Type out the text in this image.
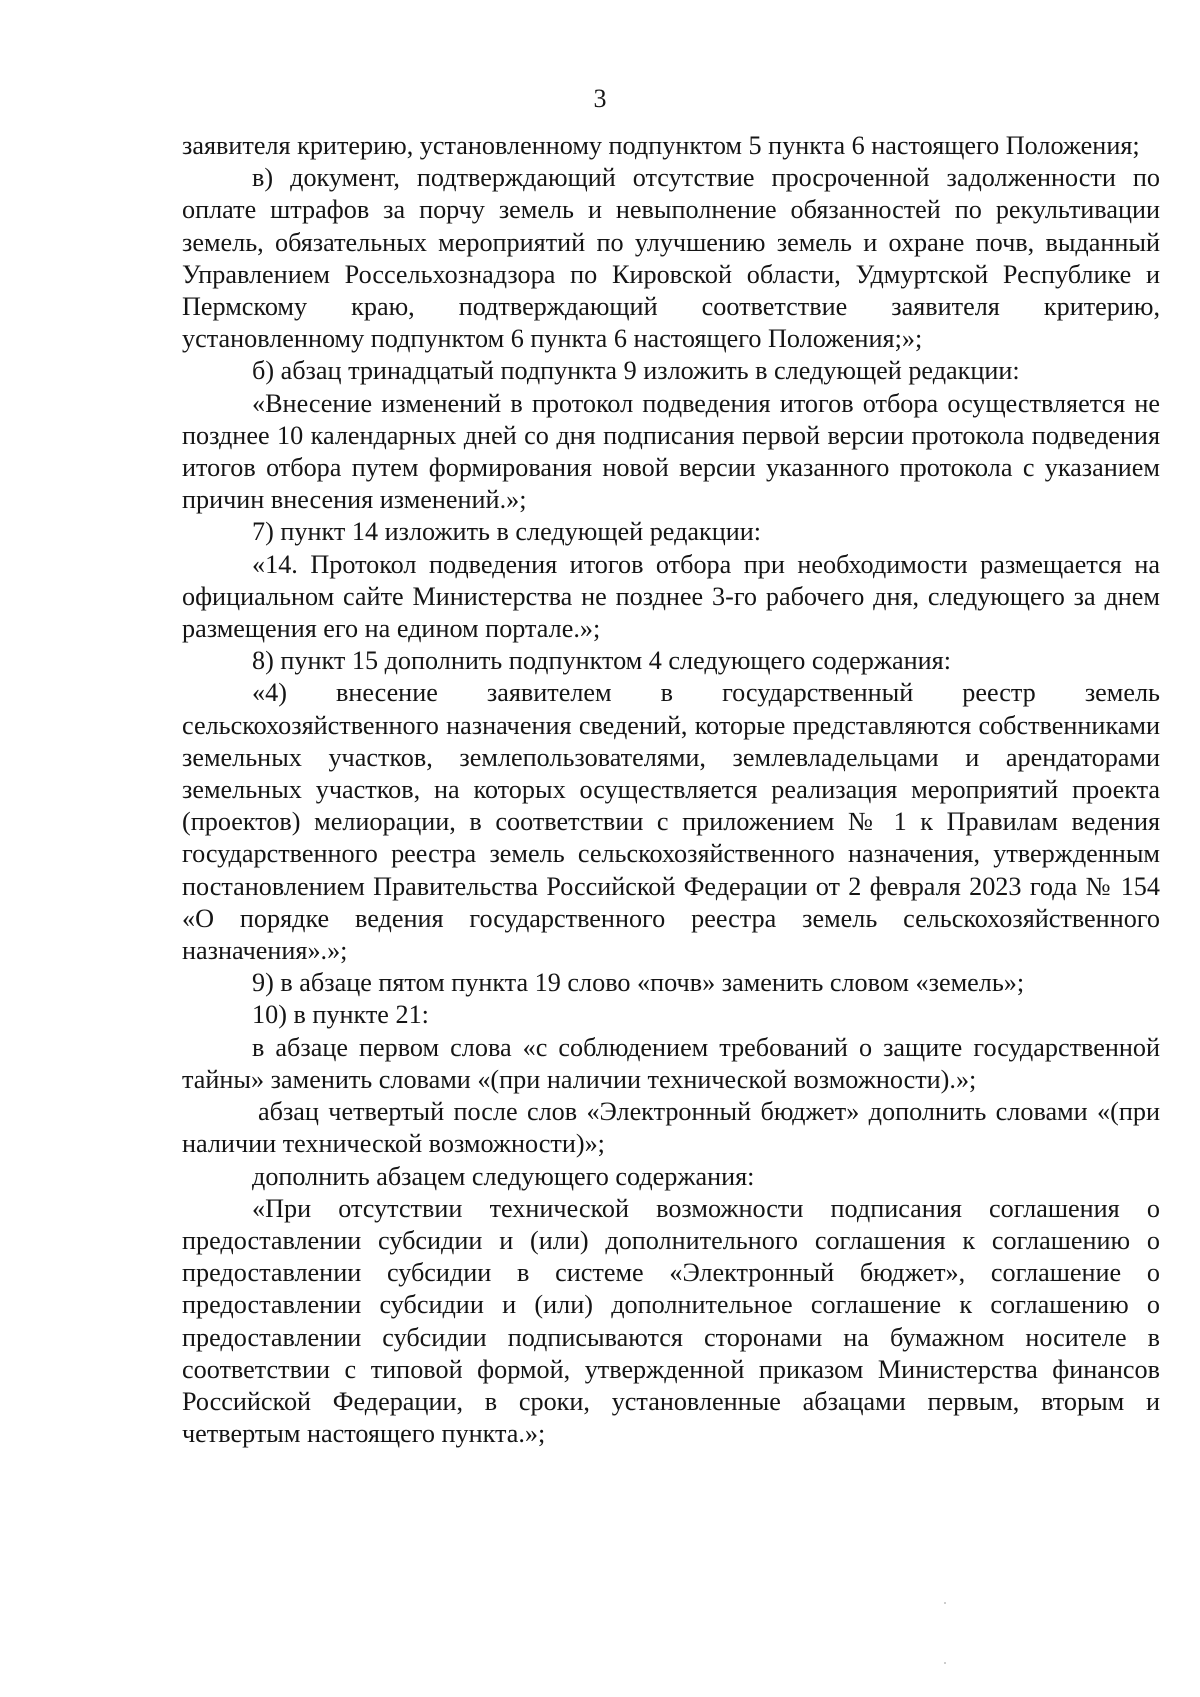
3

заявителя критерию, установленному подпунктом 5 пункта 6 настоящего Положения;

в) документ, подтверждающий отсутствие просроченной задолженности по оплате штрафов за порчу земель и невыполнение обязанностей по рекультивации земель, обязательных мероприятий по улучшению земель и охране почв, выданный Управлением Россельхознадзора по Кировской области, Удмуртской Республике и Пермскому краю, подтверждающий соответствие заявителя критерию, установленному подпунктом 6 пункта 6 настоящего Положения;»;

б) абзац тринадцатый подпункта 9 изложить в следующей редакции:

«Внесение изменений в протокол подведения итогов отбора осуществляется не позднее 10 календарных дней со дня подписания первой версии протокола подведения итогов отбора путем формирования новой версии указанного протокола с указанием причин внесения изменений.»;

7) пункт 14 изложить в следующей редакции:

«14. Протокол подведения итогов отбора при необходимости размещается на официальном сайте Министерства не позднее 3-го рабочего дня, следующего за днем размещения его на едином портале.»;

8) пункт 15 дополнить подпунктом 4 следующего содержания:

«4) внесение заявителем в государственный реестр земель сельскохозяйственного назначения сведений, которые представляются собственниками земельных участков, землепользователями, землевладельцами и арендаторами земельных участков, на которых осуществляется реализация мероприятий проекта (проектов) мелиорации, в соответствии с приложением № 1 к Правилам ведения государственного реестра земель сельскохозяйственного назначения, утвержденным постановлением Правительства Российской Федерации от 2 февраля 2023 года № 154 «О порядке ведения государственного реестра земель сельскохозяйственного назначения».»;

9) в абзаце пятом пункта 19 слово «почв» заменить словом «земель»;

10) в пункте 21:

в абзаце первом слова «с соблюдением требований о защите государственной тайны» заменить словами «(при наличии технической возможности).»;

абзац четвертый после слов «Электронный бюджет» дополнить словами «(при наличии технической возможности)»;

дополнить абзацем следующего содержания:

«При отсутствии технической возможности подписания соглашения о предоставлении субсидии и (или) дополнительного соглашения к соглашению о предоставлении субсидии в системе «Электронный бюджет», соглашение о предоставлении субсидии и (или) дополнительное соглашение к соглашению о предоставлении субсидии подписываются сторонами на бумажном носителе в соответствии с типовой формой, утвержденной приказом Министерства финансов Российской Федерации, в сроки, установленные абзацами первым, вторым и четвертым настоящего пункта.»;
